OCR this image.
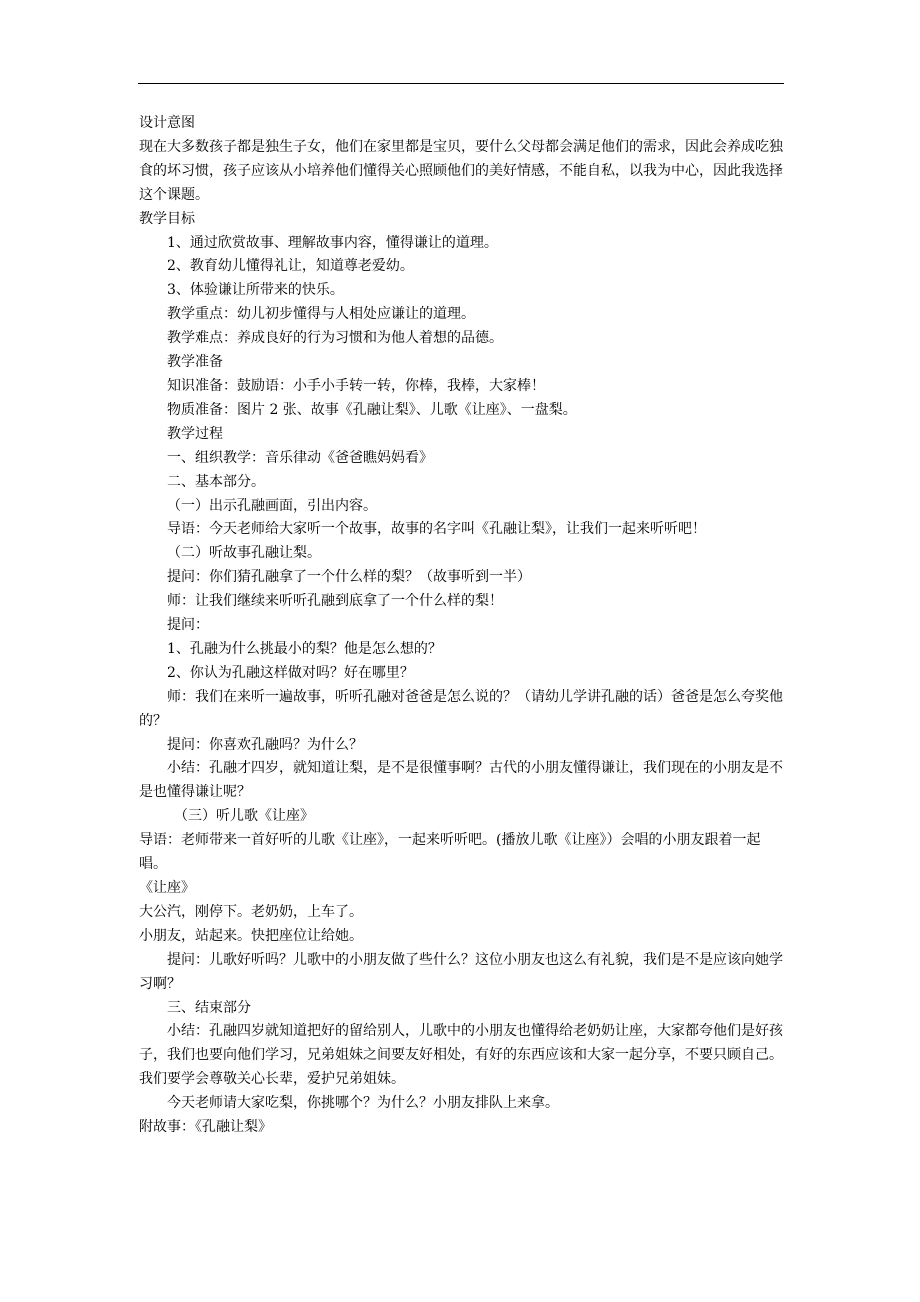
设计意图

现在大多数孩子都是独生子女，他们在家里都是宝贝，要什么父母都会满足他们的需求，因此会养成吃独食的坏习惯，孩子应该从小培养他们懂得关心照顾他们的美好情感，不能自私，以我为中心，因此我选择这个课题。

教学目标

1、通过欣赏故事、理解故事内容，懂得谦让的道理。

2、教育幼儿懂得礼让，知道尊老爱幼。

3、体验谦让所带来的快乐。

教学重点：幼儿初步懂得与人相处应谦让的道理。

教学难点：养成良好的行为习惯和为他人着想的品德。

教学准备

知识准备：鼓励语：小手小手转一转，你棒，我棒，大家棒！

物质准备：图片 2 张、故事《孔融让梨》、儿歌《让座》、一盘梨。

教学过程

一、组织教学：音乐律动《爸爸瞧妈妈看》

二、基本部分。

（一）出示孔融画面，引出内容。

导语：今天老师给大家听一个故事，故事的名字叫《孔融让梨》，让我们一起来听听吧！

（二）听故事孔融让梨。

提问：你们猜孔融拿了一个什么样的梨？（故事听到一半）

师：让我们继续来听听孔融到底拿了一个什么样的梨！

提问：

1、孔融为什么挑最小的梨？他是怎么想的？

2、你认为孔融这样做对吗？好在哪里？

师：我们在来听一遍故事，听听孔融对爸爸是怎么说的？（请幼儿学讲孔融的话）爸爸是怎么夸奖他的？

提问：你喜欢孔融吗？为什么？

小结：孔融才四岁，就知道让梨，是不是很懂事啊？古代的小朋友懂得谦让，我们现在的小朋友是不是也懂得谦让呢？

（三）听儿歌《让座》

导语：老师带来一首好听的儿歌《让座》，一起来听听吧。(播放儿歌《让座》）会唱的小朋友跟着一起唱。

《让座》

大公汽，刚停下。老奶奶，上车了。

小朋友，站起来。快把座位让给她。

提问：儿歌好听吗？儿歌中的小朋友做了些什么？这位小朋友也这么有礼貌，我们是不是应该向她学习啊？

三、结束部分

小结：孔融四岁就知道把好的留给别人，儿歌中的小朋友也懂得给老奶奶让座，大家都夸他们是好孩子，我们也要向他们学习，兄弟姐妹之间要友好相处，有好的东西应该和大家一起分享，不要只顾自己。我们要学会尊敬关心长辈，爱护兄弟姐妹。

今天老师请大家吃梨，你挑哪个？为什么？小朋友排队上来拿。

附故事：《孔融让梨》
